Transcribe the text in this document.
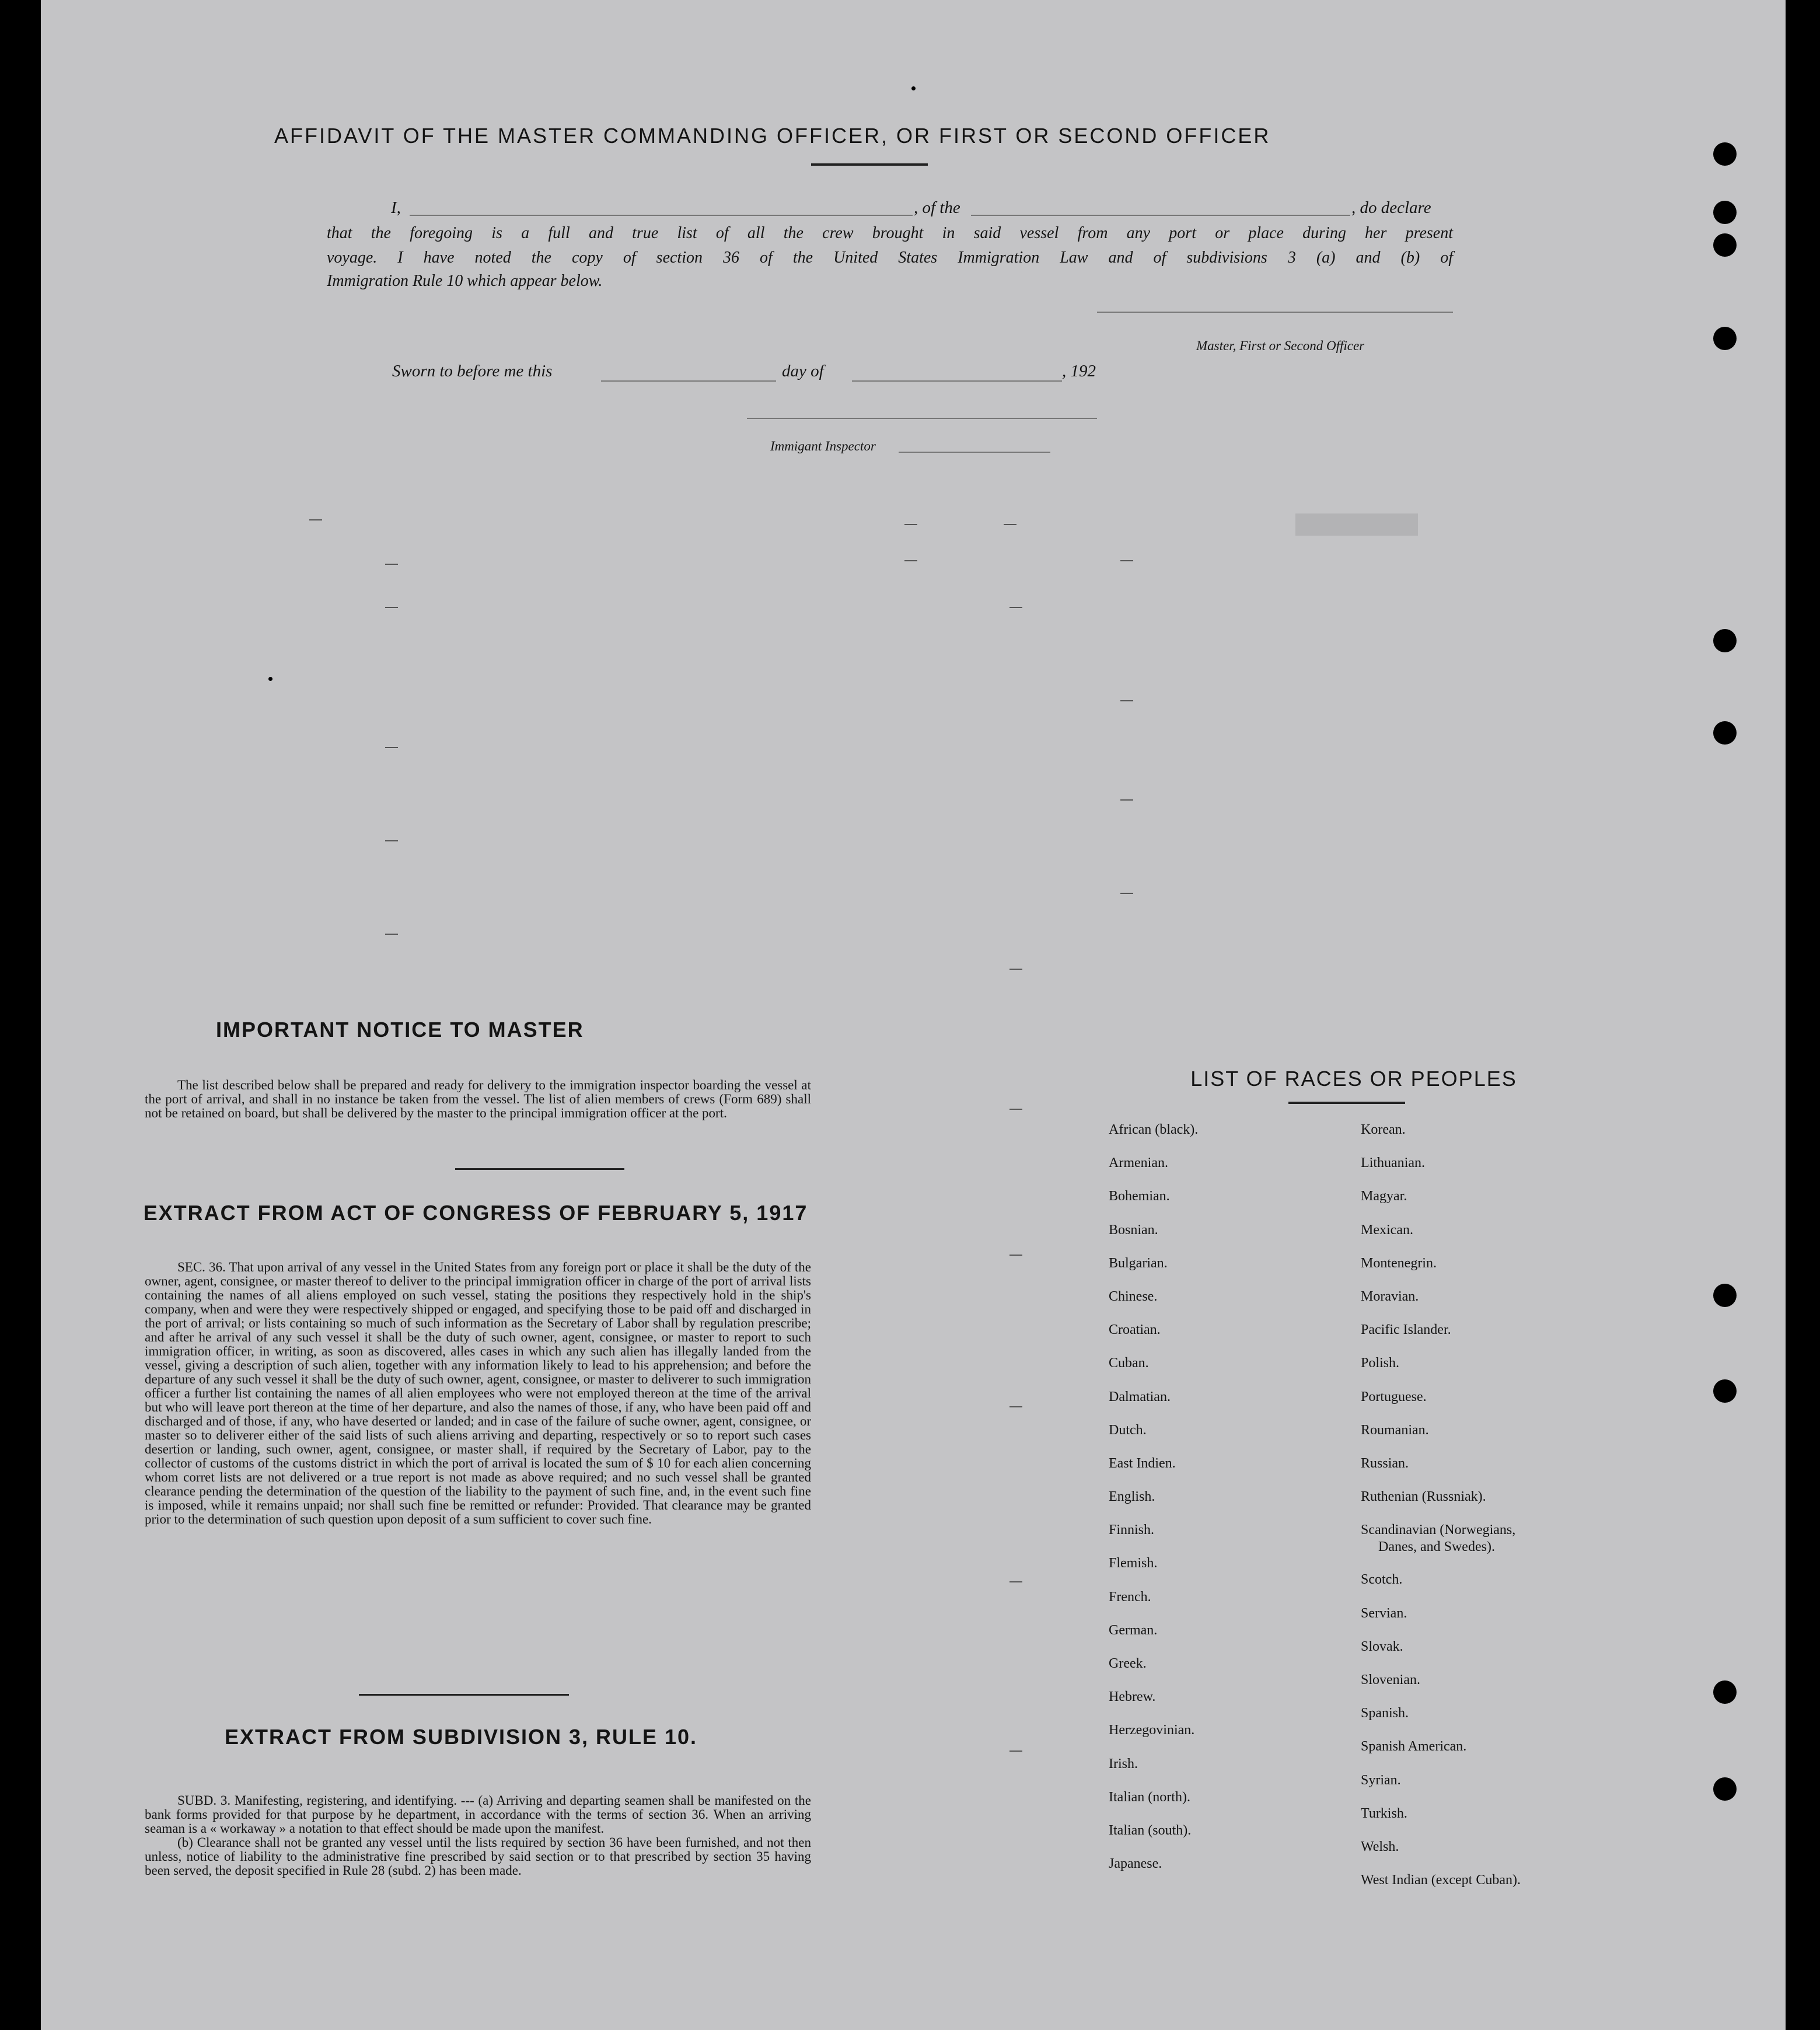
AFFIDAVIT OF THE MASTER COMMANDING OFFICER, OR FIRST OR SECOND OFFICER
I,	, of the	, do declare
that the foregoing is a full and true list of all the crew brought in said vessel from any port or place during her present
voyage. I have noted the copy of section 36 of the United States Immigration Law and of subdivisions 3 (a) and (b) of
Immigration Rule 10 which appear below.
Master, First or Second Officer
Sworn to before me this	day of	, 192
Immigant Inspector
IMPORTANT NOTICE TO MASTER

The list described below shall be prepared and ready for delivery to the immigration inspector boarding the vessel at the port of arrival, and shall in no instance be taken from the vessel. The list of alien members of crews (Form 689) shall not be retained on board, but shall be delivered by the master to the principal immigration officer at the port.

EXTRACT FROM ACT OF CONGRESS OF FEBRUARY 5, 1917

SEC. 36. That upon arrival of any vessel in the United States from any foreign port or place it shall be the duty of the owner, agent, consignee, or master thereof to deliver to the principal immigration officer in charge of the port of arrival lists containing the names of all aliens employed on such vessel, stating the positions they respectively hold in the ship's company, when and were they were respectively shipped or engaged, and specifying those to be paid off and discharged in the port of arrival; or lists containing so much of such information as the Secretary of Labor shall by regulation prescribe; and after he arrival of any such vessel it shall be the duty of such owner, agent, consignee, or master to report to such immigration officer, in writing, as soon as discovered, alles cases in which any such alien has illegally landed from the vessel, giving a description of such alien, together with any information likely to lead to his apprehension; and before the departure of any such vessel it shall be the duty of such owner, agent, consignee, or master to deliverer to such immigration officer a further list containing the names of all alien employees who were not employed thereon at the time of the arrival but who will leave port thereon at the time of her departure, and also the names of those, if any, who have been paid off and discharged and of those, if any, who have deserted or landed; and in case of the failure of suche owner, agent, consignee, or master so to deliverer either of the said lists of such aliens arriving and departing, respectively or so to report such cases desertion or landing, such owner, agent, consignee, or master shall, if required by the Secretary of Labor, pay to the collector of customs of the customs district in which the port of arrival is located the sum of $ 10 for each alien concerning whom corret lists are not delivered or a true report is not made as above required; and no such vessel shall be granted clearance pending the determination of the question of the liability to the payment of such fine, and, in the event such fine is imposed, while it remains unpaid; nor shall such fine be remitted or refunder: Provided. That clearance may be granted prior to the determination of such question upon deposit of a sum sufficient to cover such fine.

EXTRACT FROM SUBDIVISION 3, RULE 10.

SUBD. 3. Manifesting, registering, and identifying. --- (a) Arriving and departing seamen shall be manifested on the bank forms provided for that purpose by he department, in accordance with the terms of section 36. When an arriving seaman is a « workaway » a notation to that effect should be made upon the manifest.

(b) Clearance shall not be granted any vessel until the lists required by section 36 have been furnished, and not then unless, notice of liability to the administrative fine prescribed by said section or to that prescribed by section 35 having been served, the deposit specified in Rule 28 (subd. 2) has been made.

LIST OF RACES OR PEOPLES
African (black).
Armenian.
Bohemian.
Bosnian.
Bulgarian.
Chinese.
Croatian.
Cuban.
Dalmatian.
Dutch.
East Indien.
English.
Finnish.
Flemish.
French.
German.
Greek.
Hebrew.
Herzegovinian.
Irish.
Italian (north).
Italian (south).
Japanese.
Korean.
Lithuanian.
Magyar.
Mexican.
Montenegrin.
Moravian.
Pacific Islander.
Polish.
Portuguese.
Roumanian.
Russian.
Ruthenian (Russniak).
Scandinavian (Norwegians,
Danes, and Swedes).
Scotch.
Servian.
Slovak.
Slovenian.
Spanish.
Spanish American.
Syrian.
Turkish.
Welsh.
West Indian (except Cuban).
